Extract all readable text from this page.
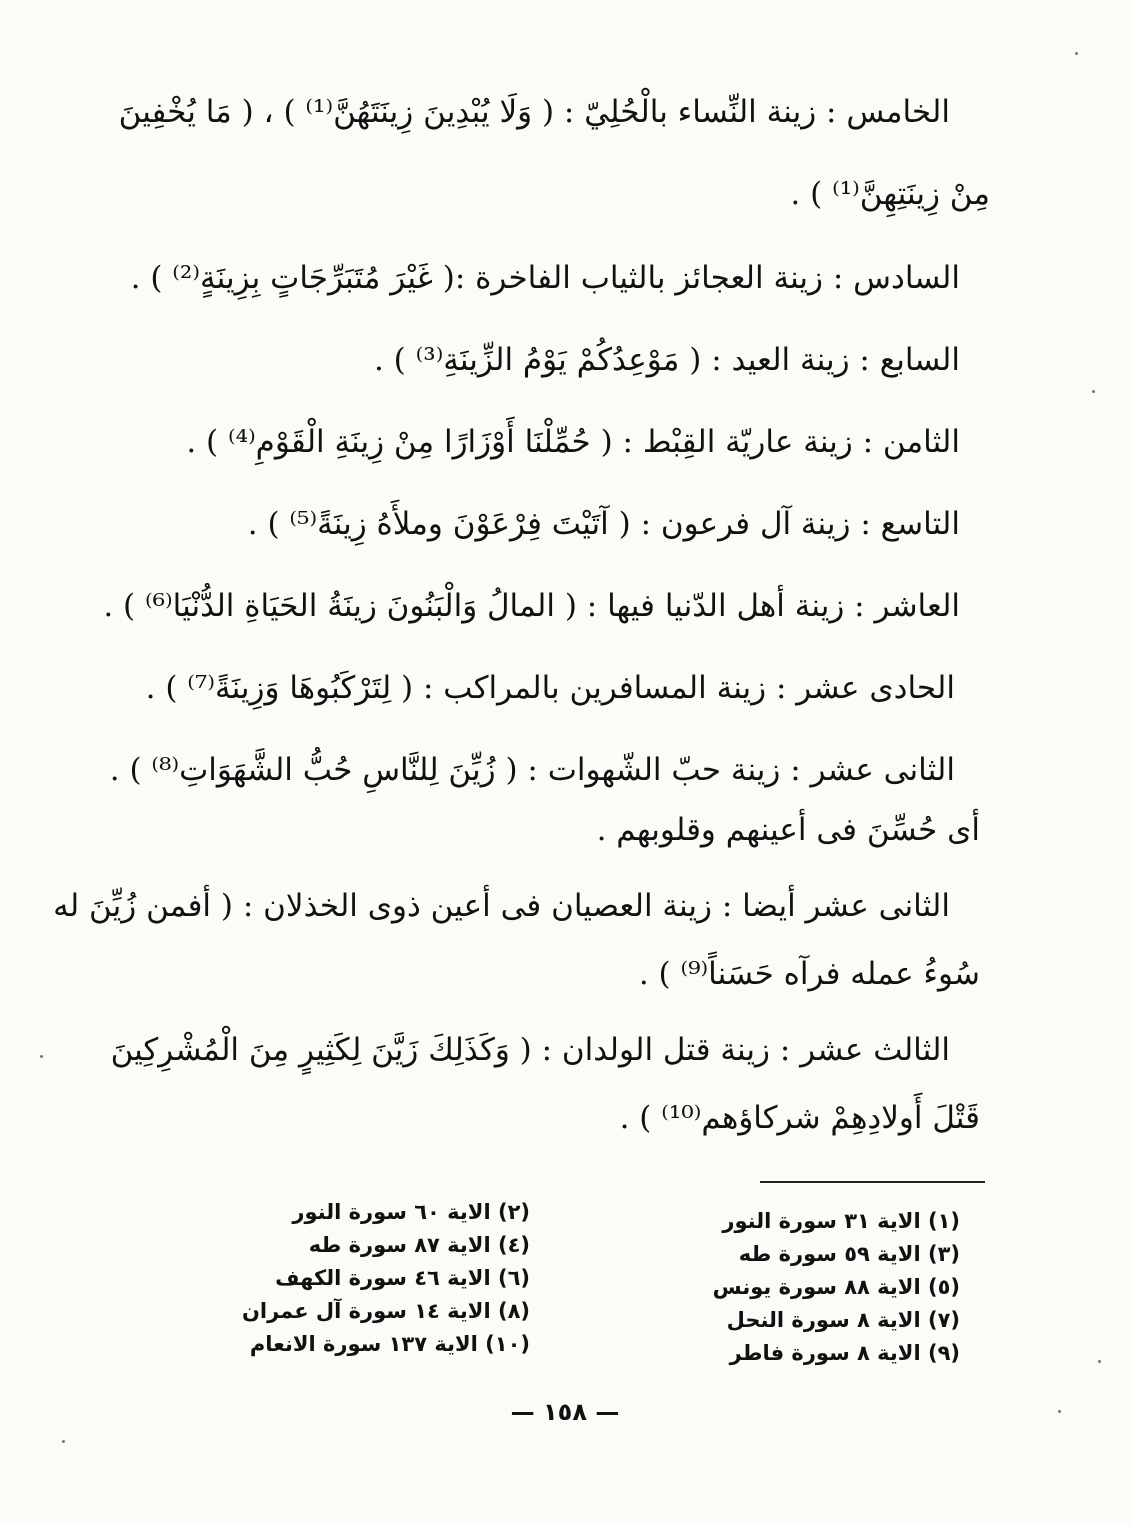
الخامس : زينة النِّساء بالْحُلِيّ : ( وَلَا يُبْدِينَ زِينَتَهُنَّ⁽¹⁾ ) ، ( مَا يُخْفِينَ
مِنْ زِينَتِهِنَّ⁽¹⁾ ) .
السادس : زينة العجائز بالثياب الفاخرة :( غَيْرَ مُتَبَرِّجَاتٍ بِزِينَةٍ⁽²⁾ ) .
السابع : زينة العيد : ( مَوْعِدُكُمْ يَوْمُ الزِّينَةِ⁽³⁾ ) .
الثامن : زينة عاريّة القِبْط : ( حُمِّلْنَا أَوْزَارًا مِنْ زِينَةِ الْقَوْمِ⁽⁴⁾ ) .
التاسع : زينة آل فرعون : ( آتَيْتَ فِرْعَوْنَ وملأَهُ زِينَةً⁽⁵⁾ ) .
العاشر : زينة أهل الدّنيا فيها : ( المالُ وَالْبَنُونَ زينَةُ الحَيَاةِ الدُّنْيَا⁽⁶⁾ ) .
الحادى عشر : زينة المسافرين بالمراكب : ( لِتَرْكَبُوهَا وَزِينَةً⁽⁷⁾ ) .
الثانى عشر : زينة حبّ الشّهوات : ( زُيِّنَ لِلنَّاسِ حُبُّ الشَّهَوَاتِ⁽⁸⁾ ) .
أى حُسِّنَ فى أعينهم وقلوبهم .
الثانى عشر أيضا : زينة العصيان فى أعين ذوى الخذلان : ( أفمن زُيِّنَ له
سُوءُ عمله فرآه حَسَناً⁽⁹⁾ ) .
الثالث عشر : زينة قتل الولدان : ( وَكَذَلِكَ زَيَّنَ لِكَثِيرٍ مِنَ الْمُشْرِكِينَ
قَتْلَ أَولادِهِمْ شركاؤهم⁽¹⁰⁾ ) .
(١) الاية ٣١ سورة النور
(٣) الاية ٥٩ سورة طه
(٥) الاية ٨٨ سورة يونس
(٧) الاية ٨ سورة النحل
(٩) الاية ٨ سورة فاطر
(٢) الاية ٦٠ سورة النور
(٤) الاية ٨٧ سورة طه
(٦) الاية ٤٦ سورة الكهف
(٨) الاية ١٤ سورة آل عمران
(١٠) الاية ١٣٧ سورة الانعام
— ١٥٨ —
